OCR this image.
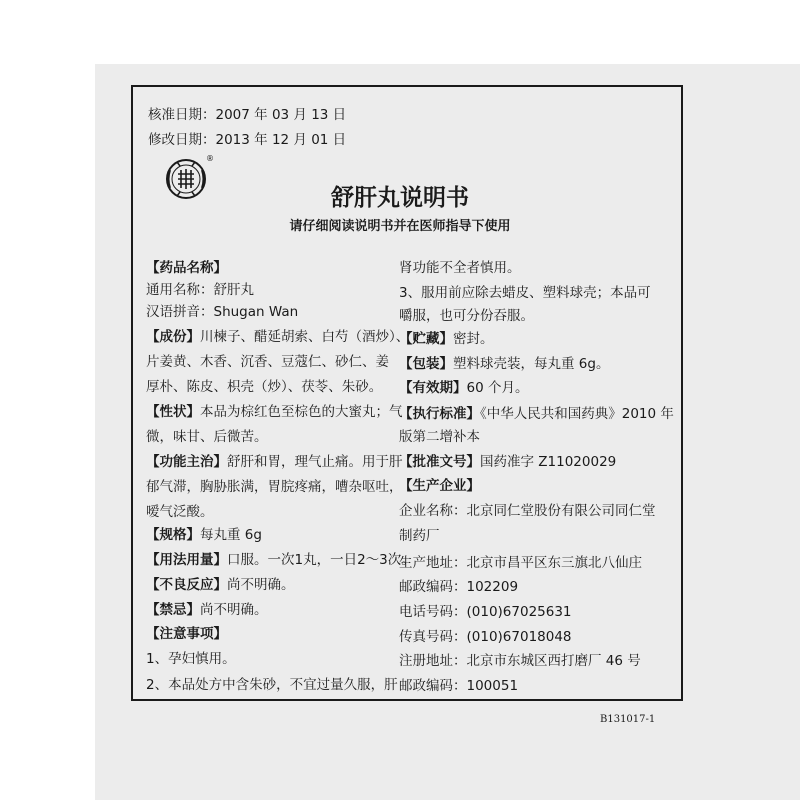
核准日期：2007 年 03 月 13 日
修改日期：2013 年 12 月 01 日
®
舒肝丸说明书
请仔细阅读说明书并在医师指导下使用
【药品名称】
通用名称：舒肝丸
汉语拼音：Shugan Wan
【成份】川楝子、醋延胡索、白芍（酒炒）、
片姜黄、木香、沉香、豆蔻仁、砂仁、姜
厚朴、陈皮、枳壳（炒）、茯苓、朱砂。
【性状】本品为棕红色至棕色的大蜜丸；气
微，味甘、后微苦。
【功能主治】舒肝和胃，理气止痛。用于肝
郁气滞，胸胁胀满，胃脘疼痛，嘈杂呕吐，
嗳气泛酸。
【规格】每丸重 6g
【用法用量】口服。一次1丸，一日2～3次。
【不良反应】尚不明确。
【禁忌】尚不明确。
【注意事项】
1、孕妇慎用。
2、本品处方中含朱砂，不宜过量久服，肝
肾功能不全者慎用。
3、服用前应除去蜡皮、塑料球壳；本品可
嚼服，也可分份吞服。
【贮藏】密封。
【包装】塑料球壳装，每丸重 6g。
【有效期】60 个月。
【执行标准】《中华人民共和国药典》2010 年
版第二增补本
【批准文号】国药准字 Z11020029
【生产企业】
企业名称：北京同仁堂股份有限公司同仁堂
制药厂
生产地址：北京市昌平区东三旗北八仙庄
邮政编码：102209
电话号码：(010)67025631
传真号码：(010)67018048
注册地址：北京市东城区西打磨厂 46 号
邮政编码：100051
B131017-1
